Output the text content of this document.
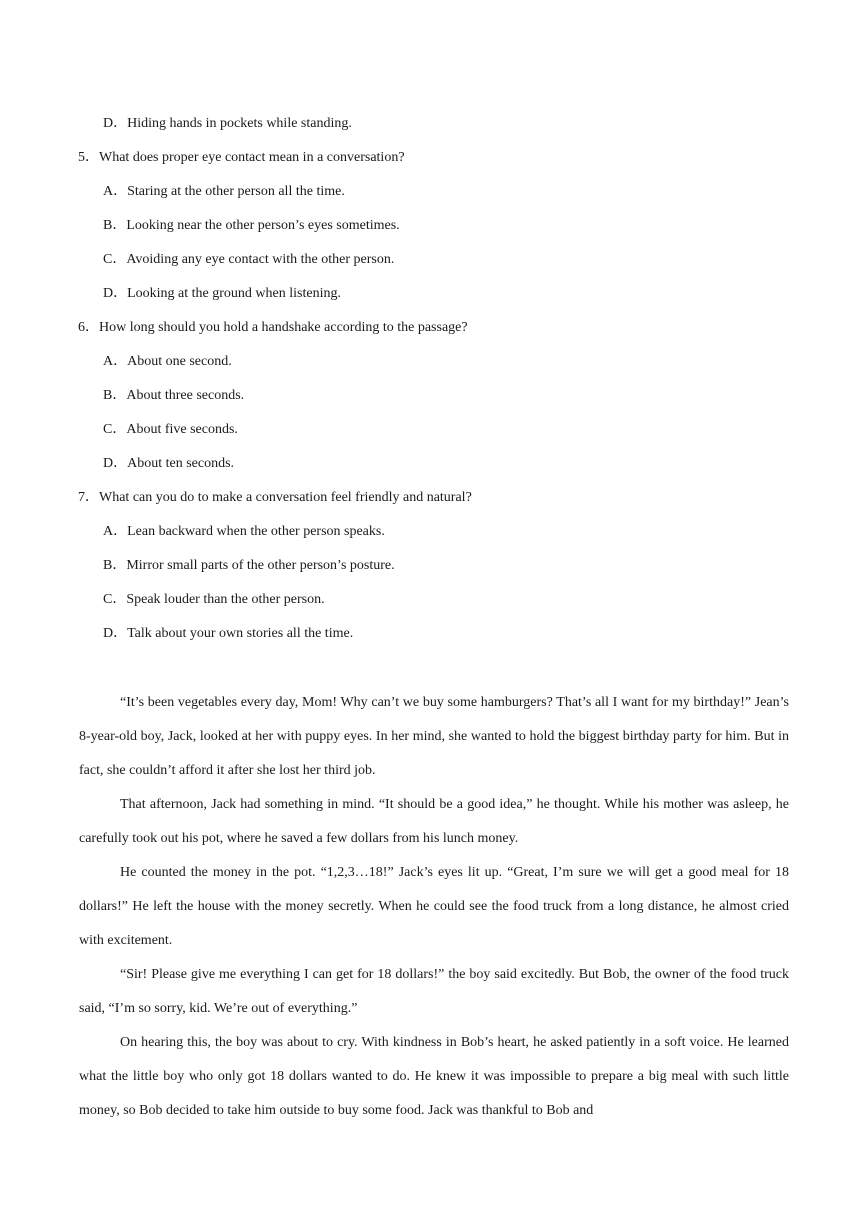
D．Hiding hands in pockets while standing.
5．What does proper eye contact mean in a conversation?
A．Staring at the other person all the time.
B．Looking near the other person’s eyes sometimes.
C．Avoiding any eye contact with the other person.
D．Looking at the ground when listening.
6．How long should you hold a handshake according to the passage?
A．About one second.
B．About three seconds.
C．About five seconds.
D．About ten seconds.
7．What can you do to make a conversation feel friendly and natural?
A．Lean backward when the other person speaks.
B．Mirror small parts of the other person’s posture.
C．Speak louder than the other person.
D．Talk about your own stories all the time.

“It’s been vegetables every day, Mom! Why can’t we buy some hamburgers? That’s all I want for my birthday!” Jean’s 8-year-old boy, Jack, looked at her with puppy eyes. In her mind, she wanted to hold the biggest birthday party for him. But in fact, she couldn’t afford it after she lost her third job.

That afternoon, Jack had something in mind. “It should be a good idea,” he thought. While his mother was asleep, he carefully took out his pot, where he saved a few dollars from his lunch money.

He counted the money in the pot. “1,2,3…18!” Jack’s eyes lit up. “Great, I’m sure we will get a good meal for 18 dollars!” He left the house with the money secretly. When he could see the food truck from a long distance, he almost cried with excitement.

“Sir! Please give me everything I can get for 18 dollars!” the boy said excitedly. But Bob, the owner of the food truck said, “I’m so sorry, kid. We’re out of everything.”

On hearing this, the boy was about to cry. With kindness in Bob’s heart, he asked patiently in a soft voice. He learned what the little boy who only got 18 dollars wanted to do. He knew it was impossible to prepare a big meal with such little money, so Bob decided to take him outside to buy some food. Jack was thankful to Bob and
